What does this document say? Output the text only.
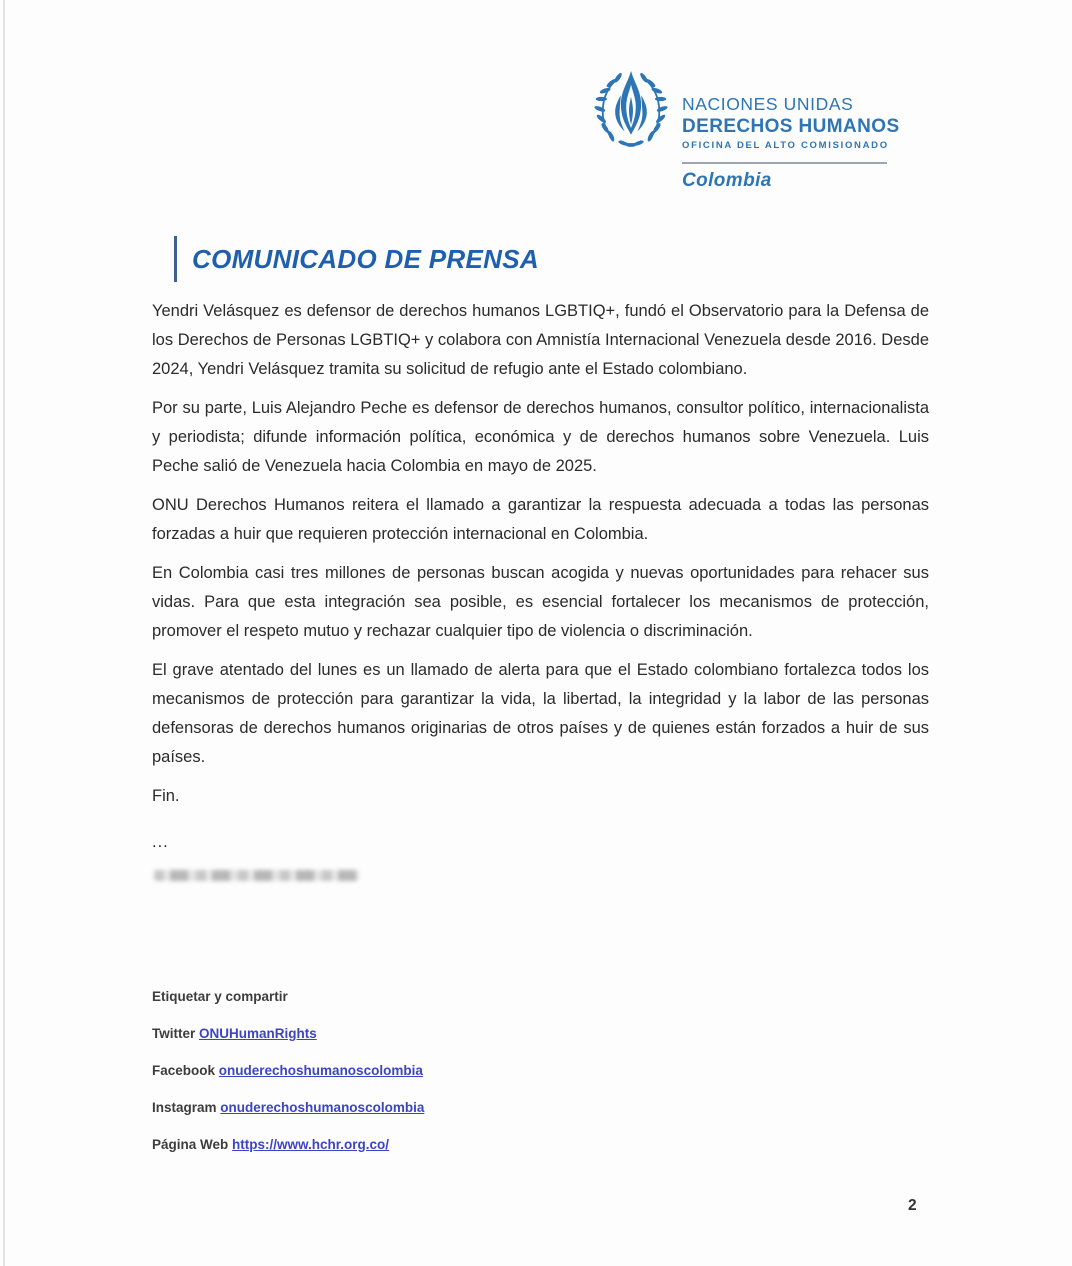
NACIONES UNIDAS
DERECHOS HUMANOS
OFICINA DEL ALTO COMISIONADO
Colombia
COMUNICADO DE PRENSA

Yendri Velásquez es defensor de derechos humanos LGBTIQ+, fundó el Observatorio para la Defensa de los Derechos de Personas LGBTIQ+ y colabora con Amnistía Internacional Venezuela desde 2016. Desde 2024, Yendri Velásquez tramita su solicitud de refugio ante el Estado colombiano.

Por su parte, Luis Alejandro Peche es defensor de derechos humanos, consultor político, internacionalista y periodista; difunde información política, económica y de derechos humanos sobre Venezuela. Luis Peche salió de Venezuela hacia Colombia en mayo de 2025.

ONU Derechos Humanos reitera el llamado a garantizar la respuesta adecuada a todas las personas forzadas a huir que requieren protección internacional en Colombia.

En Colombia casi tres millones de personas buscan acogida y nuevas oportunidades para rehacer sus vidas. Para que esta integración sea posible, es esencial fortalecer los mecanismos de protección, promover el respeto mutuo y rechazar cualquier tipo de violencia o discriminación.

El grave atentado del lunes es un llamado de alerta para que el Estado colombiano fortalezca todos los mecanismos de protección para garantizar la vida, la libertad, la integridad y la labor de las personas defensoras de derechos humanos originarias de otros países y de quienes están forzados a huir de sus países.

Fin.

...

Etiquetar y compartir
Twitter ONUHumanRights
Facebook onuderechoshumanoscolombia
Instagram onuderechoshumanoscolombia
Página Web https://www.hchr.org.co/
2
